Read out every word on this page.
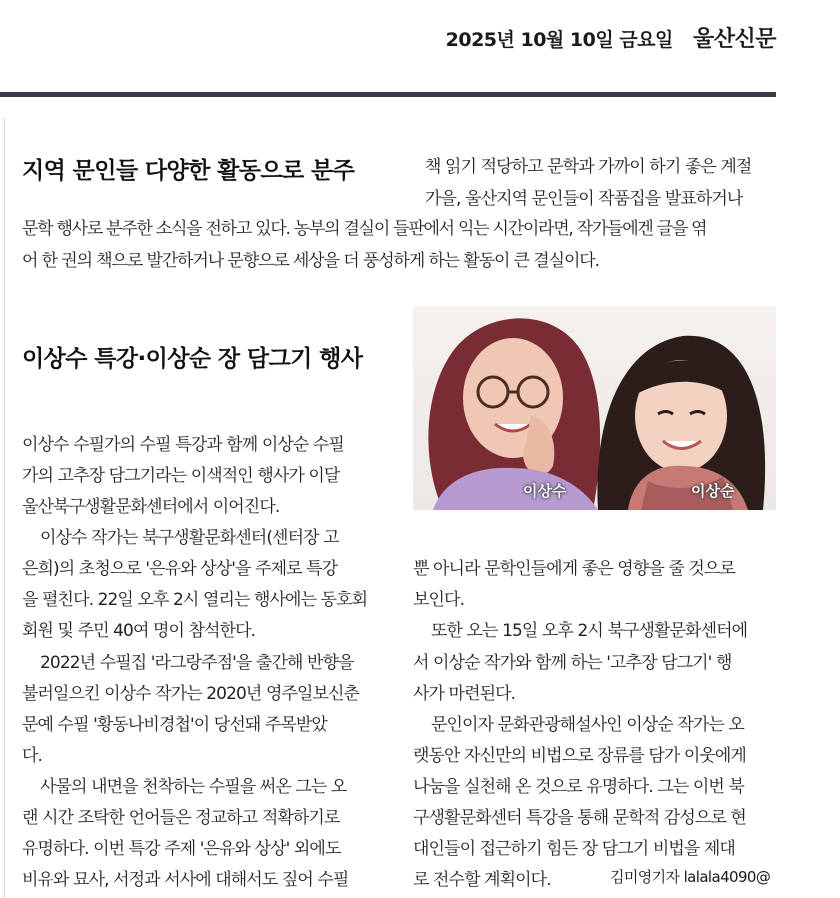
2025년 10월 10일 금요일 울산신문
지역 문인들 다양한 활동으로 분주	책 읽기 적당하고 문학과 가까이 하기 좋은 계절
가을, 울산지역 문인들이 작품집을 발표하거나
문학 행사로 분주한 소식을 전하고 있다. 농부의 결실이 들판에서 익는 시간이라면, 작가들에겐 글을 엮
어 한 권의 책으로 발간하거나 문향으로 세상을 더 풍성하게 하는 활동이 큰 결실이다.
이상수 특강·이상순 장 담그기 행사
이상수 수필가의 수필 특강과 함께 이상순 수필
가의 고추장 담그기라는 이색적인 행사가 이달
울산북구생활문화센터에서 이어진다.
이상수 작가는 북구생활문화센터(센터장 고
은희)의 초청으로 '은유와 상상'을 주제로 특강
을 펼친다. 22일 오후 2시 열리는 행사에는 동호회
회원 및 주민 40여 명이 참석한다.
2022년 수필집 '라그랑주점'을 출간해 반향을
불러일으킨 이상수 작가는 2020년 영주일보신춘
문예 수필 '황동나비경첩'이 당선돼 주목받았
다.
사물의 내면을 천착하는 수필을 써온 그는 오
랜 시간 조탁한 언어들은 정교하고 적확하기로
유명하다. 이번 특강 주제 '은유와 상상' 외에도
비유와 묘사, 서정과 서사에 대해서도 짚어 수필
이상수	이상순
뿐 아니라 문학인들에게 좋은 영향을 줄 것으로
보인다.
또한 오는 15일 오후 2시 북구생활문화센터에
서 이상순 작가와 함께 하는 '고추장 담그기' 행
사가 마련된다.
문인이자 문화관광해설사인 이상순 작가는 오
랫동안 자신만의 비법으로 장류를 담가 이웃에게
나눔을 실천해 온 것으로 유명하다. 그는 이번 북
구생활문화센터 특강을 통해 문학적 감성으로 현
대인들이 접근하기 힘든 장 담그기 비법을 제대
로 전수할 계획이다.	김미영기자 lalala4090@
